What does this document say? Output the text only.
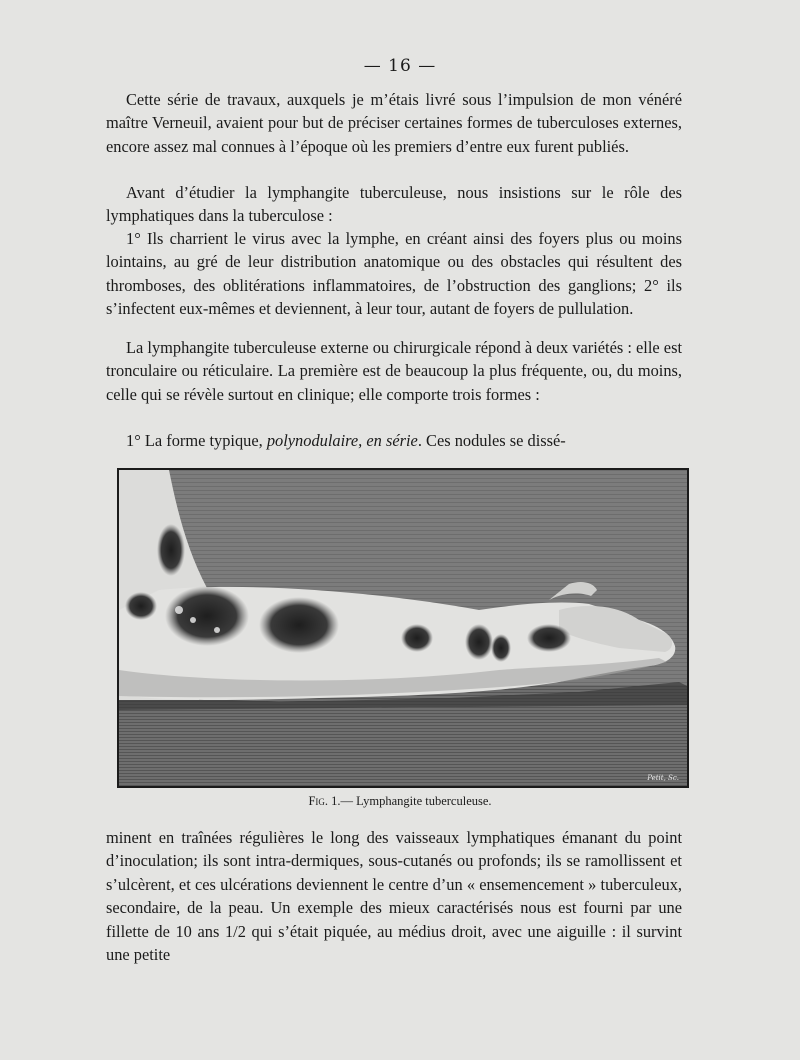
— 16 —

Cette série de travaux, auxquels je m’étais livré sous l’impulsion de mon vénéré maître Verneuil, avaient pour but de préciser certaines formes de tuberculoses externes, encore assez mal connues à l’époque où les premiers d’entre eux furent publiés.

Avant d’étudier la lymphangite tuberculeuse, nous insistions sur le rôle des lymphatiques dans la tuberculose :

1° Ils charrient le virus avec la lymphe, en créant ainsi des foyers plus ou moins lointains, au gré de leur distribution anatomique ou des obstacles qui résultent des thromboses, des oblitérations inflammatoires, de l’obstruction des ganglions; 2° ils s’infectent eux-mêmes et deviennent, à leur tour, autant de foyers de pullulation.

La lymphangite tuberculeuse externe ou chirurgicale répond à deux variétés : elle est tronculaire ou réticulaire. La première est de beaucoup la plus fréquente, ou, du moins, celle qui se révèle surtout en clinique; elle comporte trois formes :

1° La forme typique, polynodulaire, en série. Ces nodules se dissé-

Petit, Sc.
Fig. 1.— Lymphangite tuberculeuse.

minent en traînées régulières le long des vaisseaux lymphatiques émanant du point d’inoculation; ils sont intra-dermiques, sous-cutanés ou profonds; ils se ramollissent et s’ulcèrent, et ces ulcérations deviennent le centre d’un « ensemencement » tuberculeux, secondaire, de la peau. Un exemple des mieux caractérisés nous est fourni par une fillette de 10 ans 1/2 qui s’était piquée, au médius droit, avec une aiguille : il survint une petite
